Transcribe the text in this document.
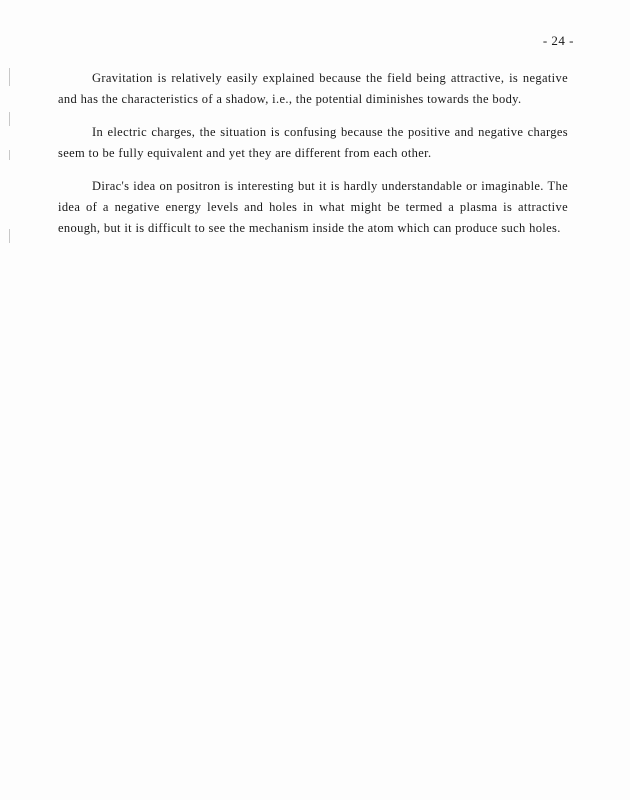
- 24 -

Gravitation is relatively easily explained because the field being attractive, is negative and has the characteristics of a shadow, i.e., the potential diminishes towards the body.

In electric charges, the situation is confusing because the positive and negative charges seem to be fully equivalent and yet they are different from each other.

Dirac's idea on positron is interesting but it is hardly understandable or imaginable. The idea of a negative energy levels and holes in what might be termed a plasma is attractive enough, but it is difficult to see the mechanism inside the atom which can produce such holes.
